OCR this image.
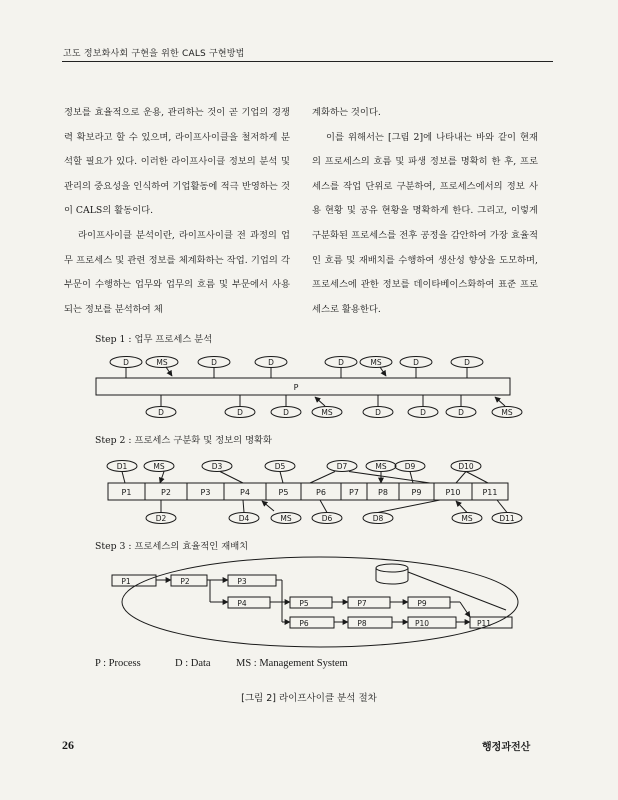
고도 정보화사회 구현을 위한 CALS 구현방법

정보를 효율적으로 운용, 관리하는 것이 곧 기업의 경쟁력 확보라고 할 수 있으며, 라이프사이클을 철저하게 분석할 필요가 있다. 이러한 라이프사이클 정보의 분석 및 관리의 중요성을 인식하여 기업활동에 적극 반영하는 것이 CALS의 활동이다.

라이프사이클 분석이란, 라이프사이클 전 과정의 업무 프로세스 및 관련 정보를 체계화하는 작업. 기업의 각 부문이 수행하는 업무와 업무의 흐름 및 부문에서 사용되는 정보를 분석하여 체

계화하는 것이다.

이를 위해서는 [그림 2]에 나타내는 바와 같이 현재의 프로세스의 흐름 및 파생 정보를 명확히 한 후, 프로세스를 작업 단위로 구분하여, 프로세스에서의 정보 사용 현황 및 공유 현황을 명확하게 한다. 그리고, 이렇게 구분화된 프로세스를 전후 공정을 감안하여 가장 효율적인 흐름 및 재배치를 수행하여 생산성 향상을 도모하며, 프로세스에 관한 정보를 데이타베이스화하여 표준 프로세스로 활용한다.

Step 1 : 업무 프로세스 분석
Step 2 : 프로세스 구분화 및 정보의 명확화
Step 3 : 프로세스의 효율적인 재배치
P
D	MS	D	D	D	MS	D	D
D	D	D	MS	D	D	D	MS
P1	P2	P3	P4	P5	P6	P7 P8	P9	P10	P11
D1	MS	D3	D5	D7	MS D9	D10
D2	D4	MS	D6	D8	MS	D11
P1	P2	P3
P4	P5	P7	P9
P6	P8	P10	P11
P : Process	D : Data MS : Management System
[그림 2] 라이프사이클 분석 절차
26	행정과전산
